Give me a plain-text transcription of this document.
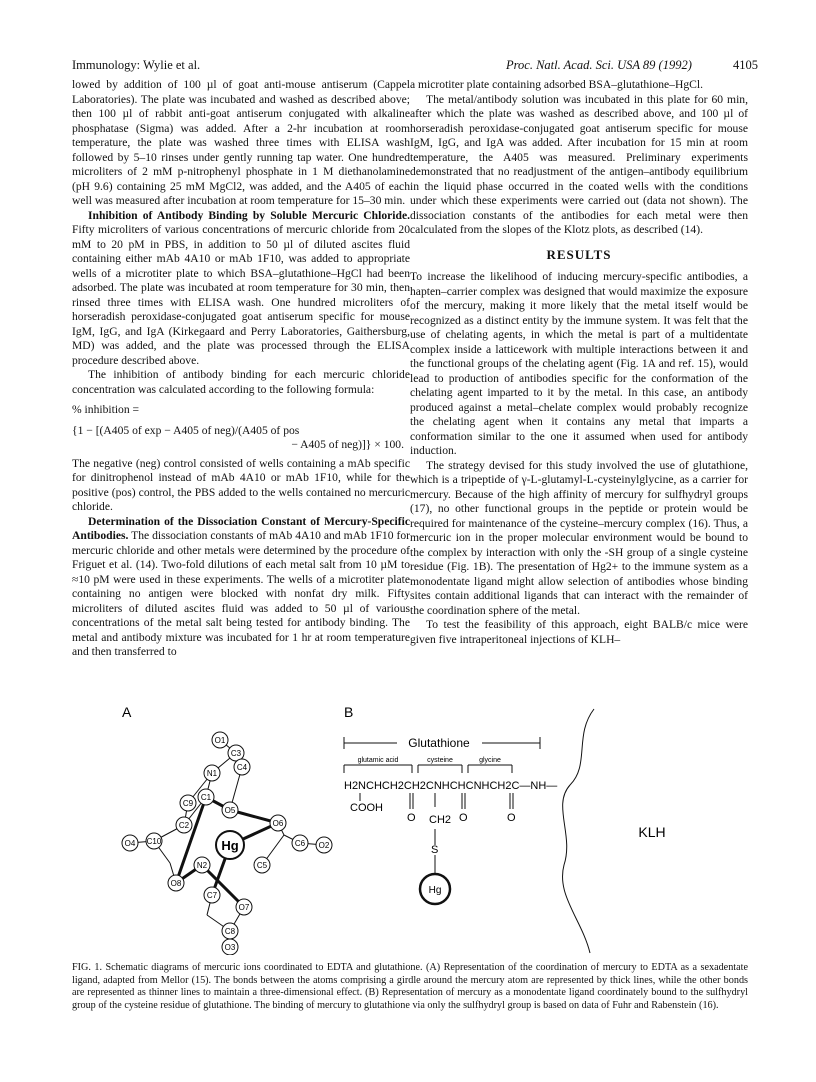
Immunology: Wylie et al.	Proc. Natl. Acad. Sci. USA 89 (1992)	4105

lowed by addition of 100 µl of goat anti-mouse antiserum (Cappel Laboratories). The plate was incubated and washed as described above; then 100 µl of rabbit anti-goat antiserum conjugated with alkaline phosphatase (Sigma) was added. After a 2-hr incubation at room temperature, the plate was washed three times with ELISA wash followed by 5–10 rinses under gently running tap water. One hundred microliters of 2 mM p-nitrophenyl phosphate in 1 M diethanolamine (pH 9.6) containing 25 mM MgCl2, was added, and the A405 of each well was measured after incubation at room temperature for 15–30 min.

Inhibition of Antibody Binding by Soluble Mercuric Chloride. Fifty microliters of various concentrations of mercuric chloride from 20 mM to 20 pM in PBS, in addition to 50 µl of diluted ascites fluid containing either mAb 4A10 or mAb 1F10, was added to appropriate wells of a microtiter plate to which BSA–glutathione–HgCl had been adsorbed. The plate was incubated at room temperature for 30 min, then rinsed three times with ELISA wash. One hundred microliters of horseradish peroxidase-conjugated goat antiserum specific for mouse IgM, IgG, and IgA (Kirkegaard and Perry Laboratories, Gaithersburg, MD) was added, and the plate was processed through the ELISA procedure described above.

The inhibition of antibody binding for each mercuric chloride concentration was calculated according to the following formula:

% inhibition =
{1 − [(A405 of exp − A405 of neg)/(A405 of pos
− A405 of neg)]} × 100.

The negative (neg) control consisted of wells containing a mAb specific for dinitrophenol instead of mAb 4A10 or mAb 1F10, while for the positive (pos) control, the PBS added to the wells contained no mercuric chloride.

Determination of the Dissociation Constant of Mercury-Specific Antibodies. The dissociation constants of mAb 4A10 and mAb 1F10 for mercuric chloride and other metals were determined by the procedure of Friguet et al. (14). Two-fold dilutions of each metal salt from 10 µM to ≈10 pM were used in these experiments. The wells of a microtiter plate containing no antigen were blocked with nonfat dry milk. Fifty microliters of diluted ascites fluid was added to 50 µl of various concentrations of the metal salt being tested for antibody binding. The metal and antibody mixture was incubated for 1 hr at room temperature and then transferred to

a microtiter plate containing adsorbed BSA–glutathione–HgCl.

The metal/antibody solution was incubated in this plate for 60 min, after which the plate was washed as described above, and 100 µl of horseradish peroxidase-conjugated goat antiserum specific for mouse IgM, IgG, and IgA was added. After incubation for 15 min at room temperature, the A405 was measured. Preliminary experiments demonstrated that no readjustment of the antigen–antibody equilibrium in the liquid phase occurred in the coated wells with the conditions under which these experiments were carried out (data not shown). The dissociation constants of the antibodies for each metal were then calculated from the slopes of the Klotz plots, as described (14).

RESULTS

To increase the likelihood of inducing mercury-specific antibodies, a hapten–carrier complex was designed that would maximize the exposure of the mercury, making it more likely that the metal itself would be recognized as a distinct entity by the immune system. It was felt that the use of chelating agents, in which the metal is part of a multidentate complex inside a latticework with multiple interactions between it and the functional groups of the chelating agent (Fig. 1A and ref. 15), would lead to production of antibodies specific for the conformation of the chelating agent imparted to it by the metal. In this case, an antibody produced against a metal–chelate complex would probably recognize the chelating agent when it contains any metal that imparts a conformation similar to the one it assumed when used for antibody induction.

The strategy devised for this study involved the use of glutathione, which is a tripeptide of γ-L-glutamyl-L-cysteinylglycine, as a carrier for mercury. Because of the high affinity of mercury for sulfhydryl groups (17), no other functional groups in the peptide or protein would be required for maintenance of the cysteine–mercury complex (16). Thus, a mercuric ion in the proper molecular environment would be bound to the complex by interaction with only the -SH group of a single cysteine residue (Fig. 1B). The presentation of Hg2+ to the immune system as a monodentate ligand might allow selection of antibodies whose binding sites contain additional ligands that can interact with the remainder of the coordination sphere of the metal.

To test the feasibility of this approach, eight BALB/c mice were given five intraperitoneal injections of KLH–

A
Hg
O1
C3
C4
C9
N1
C1
O5
O4 C10
C2	O6
O2
C6
O8
N2	C5
O7
C7
C8
O3
B
Glutathione
glutamic acid	cysteine	glycine
H2NCHCH2CH2CNHCHCNHCH2C—NH—
COOH
O	O	O
CH2
S
Hg
KLH
FIG. 1. Schematic diagrams of mercuric ions coordinated to EDTA and glutathione. (A) Representation of the coordination of mercury to EDTA as a sexadentate ligand, adapted from Mellor (15). The bonds between the atoms comprising a girdle around the mercury atom are represented by thick lines, while the other bonds are represented as thinner lines to maintain a three-dimensional effect. (B) Representation of mercury as a monodentate ligand coordinately bound to the sulfhydryl group of the cysteine residue of glutathione. The binding of mercury to glutathione via only the sulfhydryl group is based on data of Fuhr and Rabenstein (16).
